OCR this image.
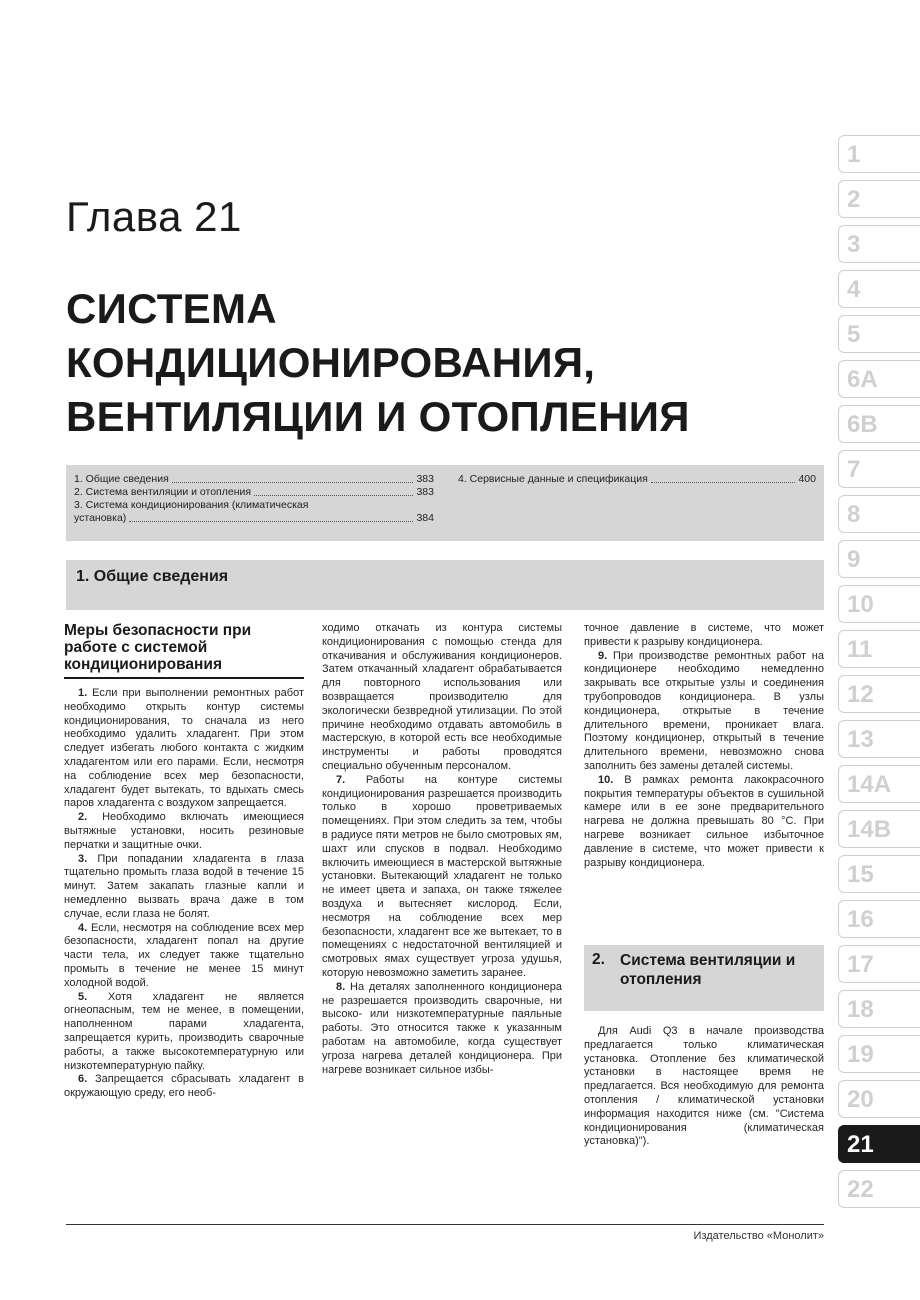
Глава 21
СИСТЕМА
КОНДИЦИОНИРОВАНИЯ,
ВЕНТИЛЯЦИИ И ОТОПЛЕНИЯ
1. Общие сведения	383
2. Система вентиляции и отопления	383
3. Система кондиционирования (климатическая
установка)	384
4. Сервисные данные и спецификация	400
1. Общие сведения
Меры безопасности при работе с системой кондиционирования

1. Если при выполнении ремонтных работ необходимо открыть контур системы кондиционирования, то сначала из него необходимо удалить хладагент. При этом следует избегать любого контакта с жидким хладагентом или его парами. Если, несмотря на соблюдение всех мер безопасности, хладагент будет вытекать, то вдыхать смесь паров хладагента с воздухом запрещается.

2. Необходимо включать имеющиеся вытяжные установки, носить резиновые перчатки и защитные очки.

3. При попадании хладагента в глаза тщательно промыть глаза водой в течение 15 минут. Затем закапать глазные капли и немедленно вызвать врача даже в том случае, если глаза не болят.

4. Если, несмотря на соблюдение всех мер безопасности, хладагент попал на другие части тела, их следует также тщательно промыть в течение не менее 15 минут холодной водой.

5. Хотя хладагент не является огнеопасным, тем не менее, в помещении, наполненном парами хладагента, запрещается курить, производить сварочные работы, а также высокотемпературную или низкотемпературную пайку.

6. Запрещается сбрасывать хладагент в окружающую среду, его необ-

ходимо откачать из контура системы кондиционирования с помощью стенда для откачивания и обслуживания кондиционеров. Затем откачанный хладагент обрабатывается для повторного использования или возвращается производителю для экологически безвредной утилизации. По этой причине необходимо отдавать автомобиль в мастерскую, в которой есть все необходимые инструменты и работы проводятся специально обученным персоналом.

7. Работы на контуре системы кондиционирования разрешается производить только в хорошо проветриваемых помещениях. При этом следить за тем, чтобы в радиусе пяти метров не было смотровых ям, шахт или спусков в подвал. Необходимо включить имеющиеся в мастерской вытяжные установки. Вытекающий хладагент не только не имеет цвета и запаха, он также тяжелее воздуха и вытесняет кислород. Если, несмотря на соблюдение всех мер безопасности, хладагент все же вытекает, то в помещениях с недостаточной вентиляцией и смотровых ямах существует угроза удушья, которую невозможно заметить заранее.

8. На деталях заполненного кондиционера не разрешается производить сварочные, ни высоко- или низкотемпературные паяльные работы. Это относится также к указанным работам на автомобиле, когда существует угроза нагрева деталей кондиционера. При нагреве возникает сильное избы-

точное давление в системе, что может привести к разрыву кондиционера.

9. При производстве ремонтных работ на кондиционере необходимо немедленно закрывать все открытые узлы и соединения трубопроводов кондиционера. В узлы кондиционера, открытые в течение длительного времени, проникает влага. Поэтому кондиционер, открытый в течение длительного времени, невозможно снова заполнить без замены деталей системы.

10. В рамках ремонта лакокрасочного покрытия температуры объектов в сушильной камере или в ее зоне предварительного нагрева не должна превышать 80 °С. При нагреве возникает сильное избыточное давление в системе, что может привести к разрыву кондиционера.

2. Система вентиляции и отопления

Для Audi Q3 в начале производства предлагается только климатическая установка. Отопление без климатической установки в настоящее время не предлагается. Вся необходимую для ремонта отопления / климатической установки информация находится ниже (см. "Система кондиционирования (климатическая установка)").

1
2
3
4
5
6A
6B
7
8
9
10
11
12
13
14A
14B
15
16
17
18
19
20
21
22
Издательство «Монолит»
